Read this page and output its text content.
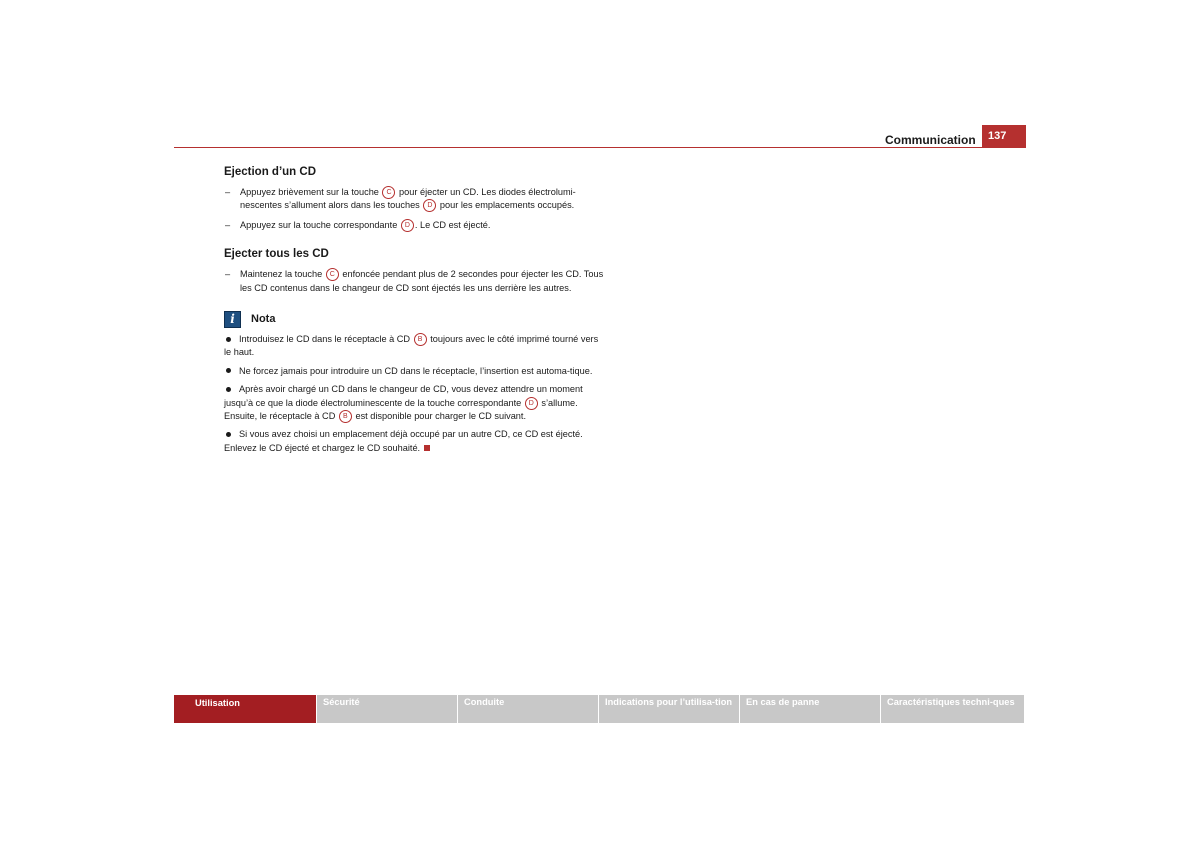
Communication	137
Ejection d’un CD
– Appuyez brièvement sur la touche C pour éjecter un CD. Les diodes électrolumi-nescentes s’allument alors dans les touches D pour les emplacements occupés.
– Appuyez sur la touche correspondante D . Le CD est éjecté.
Ejecter tous les CD
– Maintenez la touche C enfoncée pendant plus de 2 secondes pour éjecter les CD. Tous les CD contenus dans le changeur de CD sont éjectés les uns derrière les autres.
i	Nota
Introduisez le CD dans le réceptacle à CD B toujours avec le côté imprimé tourné vers le haut.
Ne forcez jamais pour introduire un CD dans le réceptacle, l’insertion est automa-tique.
Après avoir chargé un CD dans le changeur de CD, vous devez attendre un moment jusqu’à ce que la diode électroluminescente de la touche correspondante D s’allume. Ensuite, le réceptacle à CD B est disponible pour charger le CD suivant.
Si vous avez choisi un emplacement déjà occupé par un autre CD, ce CD est éjecté. Enlevez le CD éjecté et chargez le CD souhaité.
Utilisation	Sécurité	Conduite	Indications pour l’utilisa-tion	En cas de panne	Caractéristiques techni-ques
